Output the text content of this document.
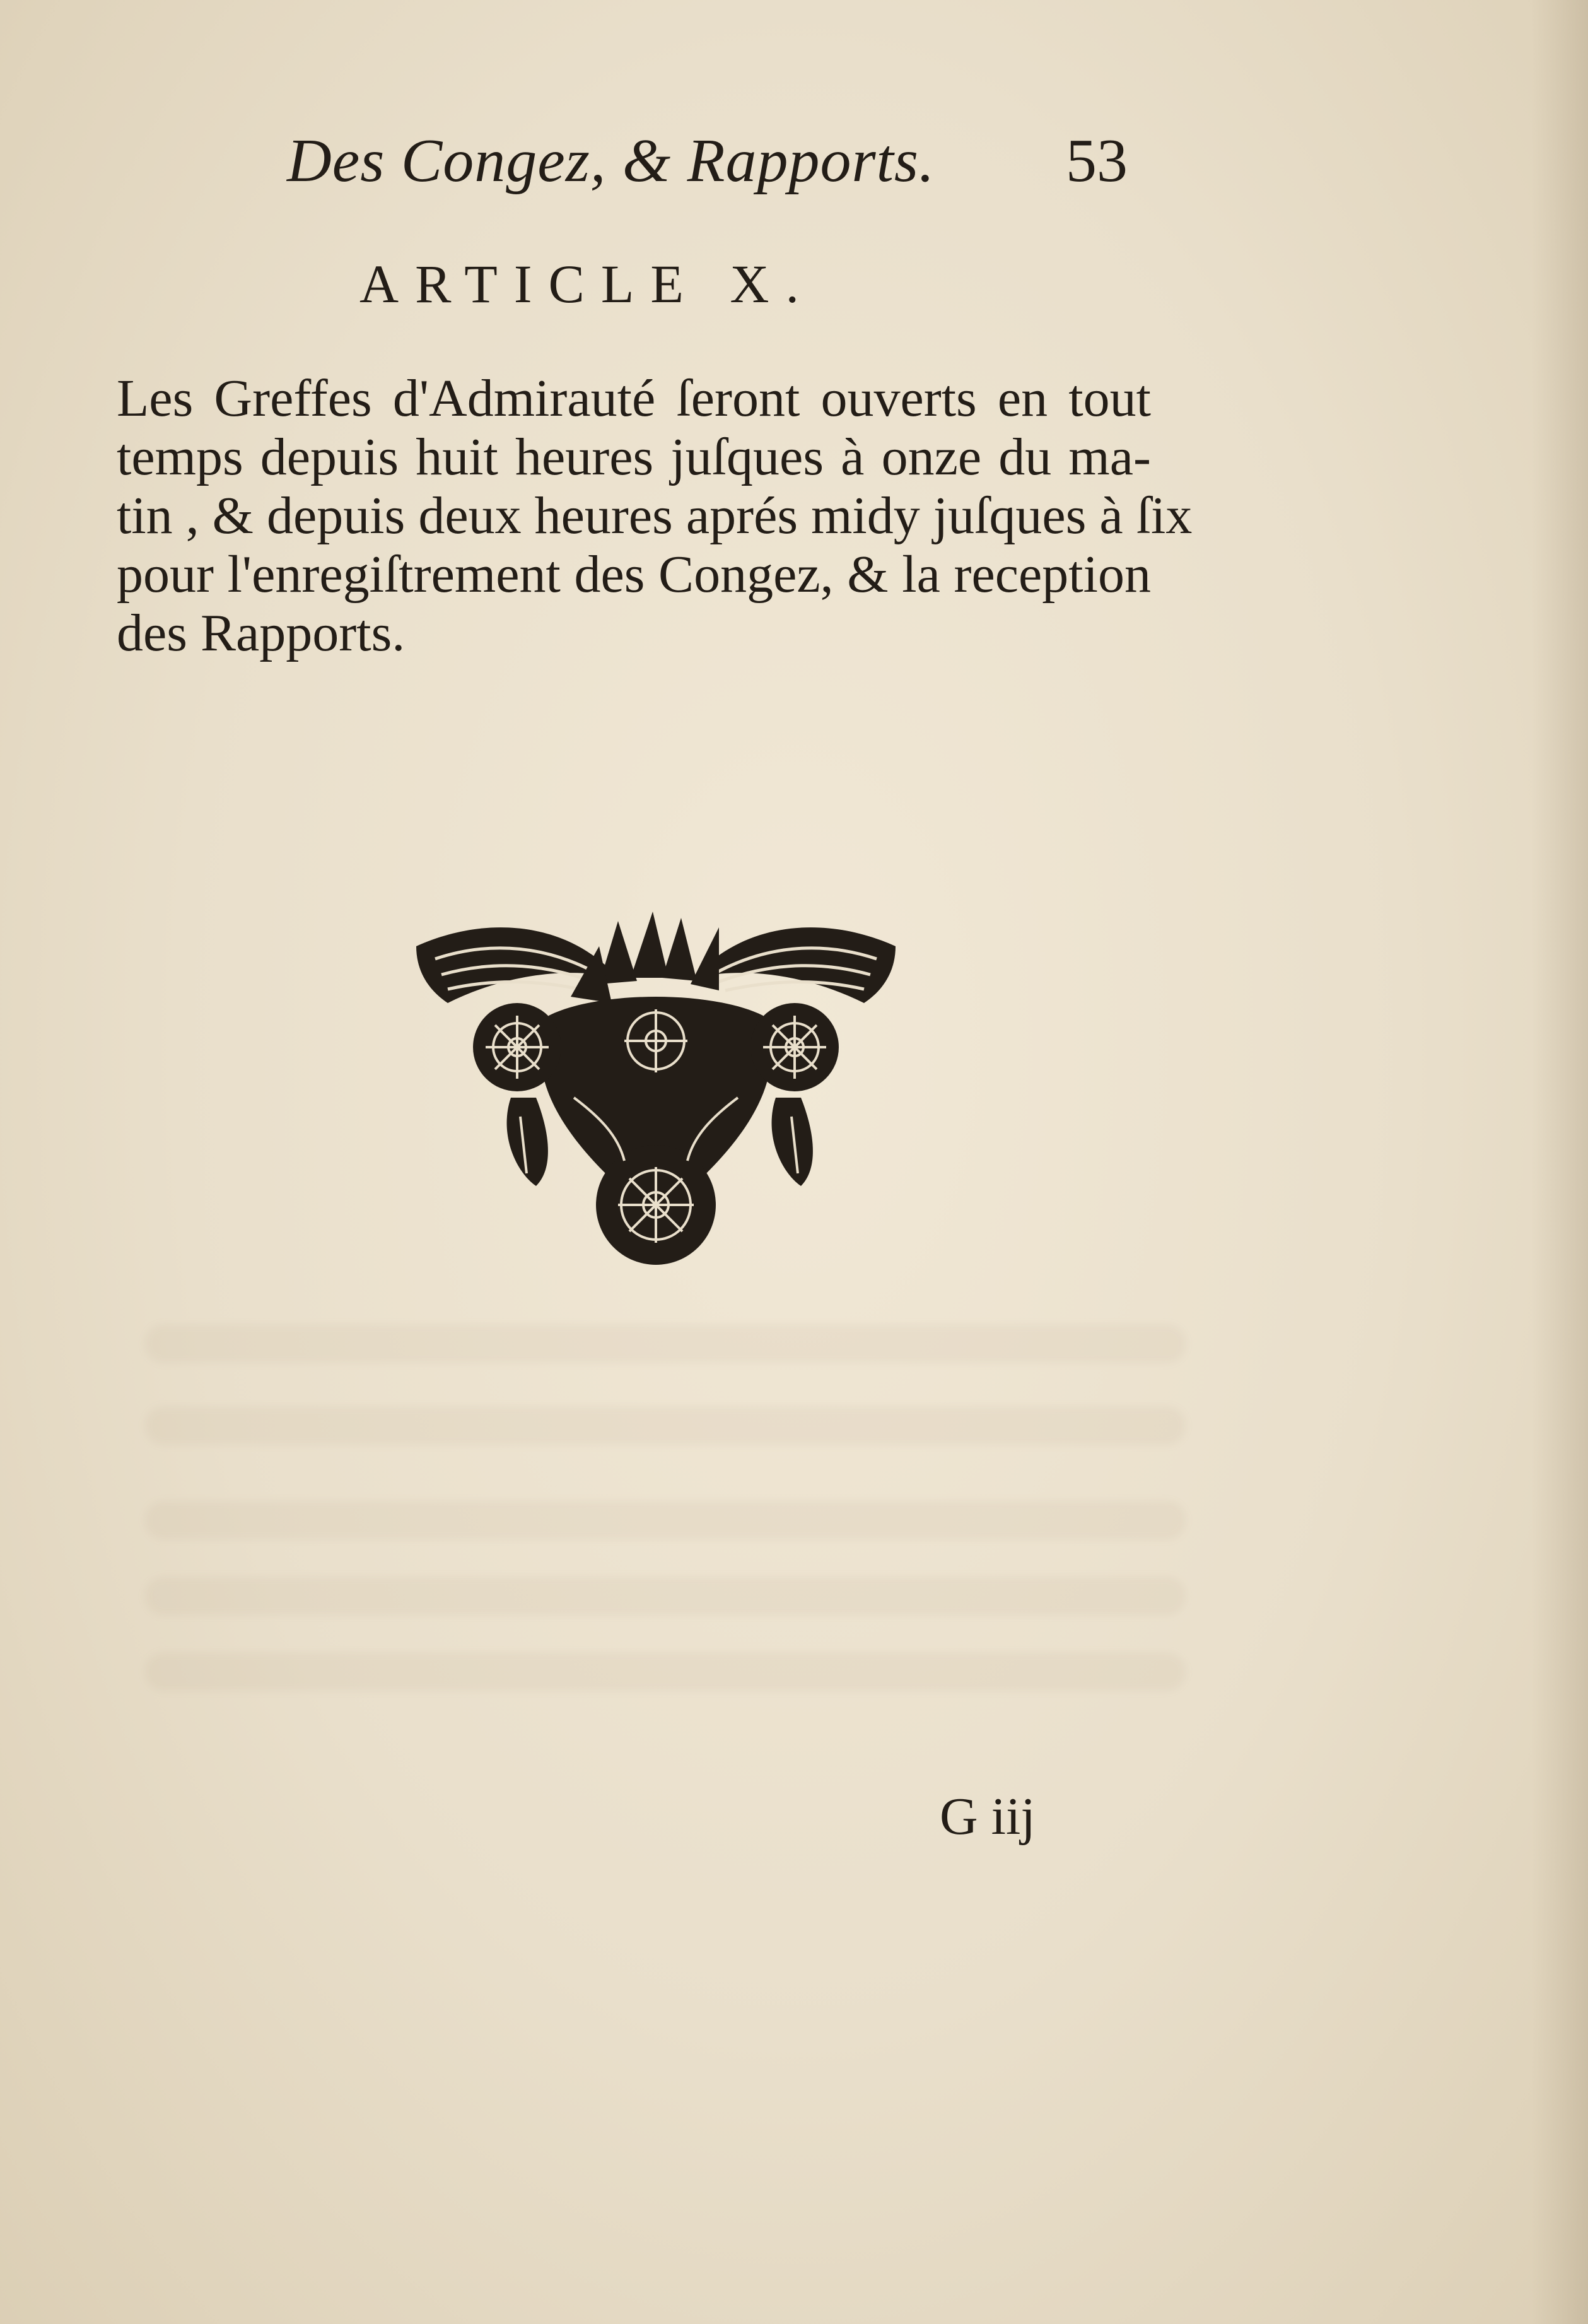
Des Congez, & Rapports.	53
ARTICLE X.
Les Greffes d'Admirauté ſeront ouverts en tout
temps depuis huit heures juſques à onze du ma-
tin , & depuis deux heures aprés midy juſques à ſix
pour l'enregiſtrement des Congez, & la reception
des Rapports.
G iij
